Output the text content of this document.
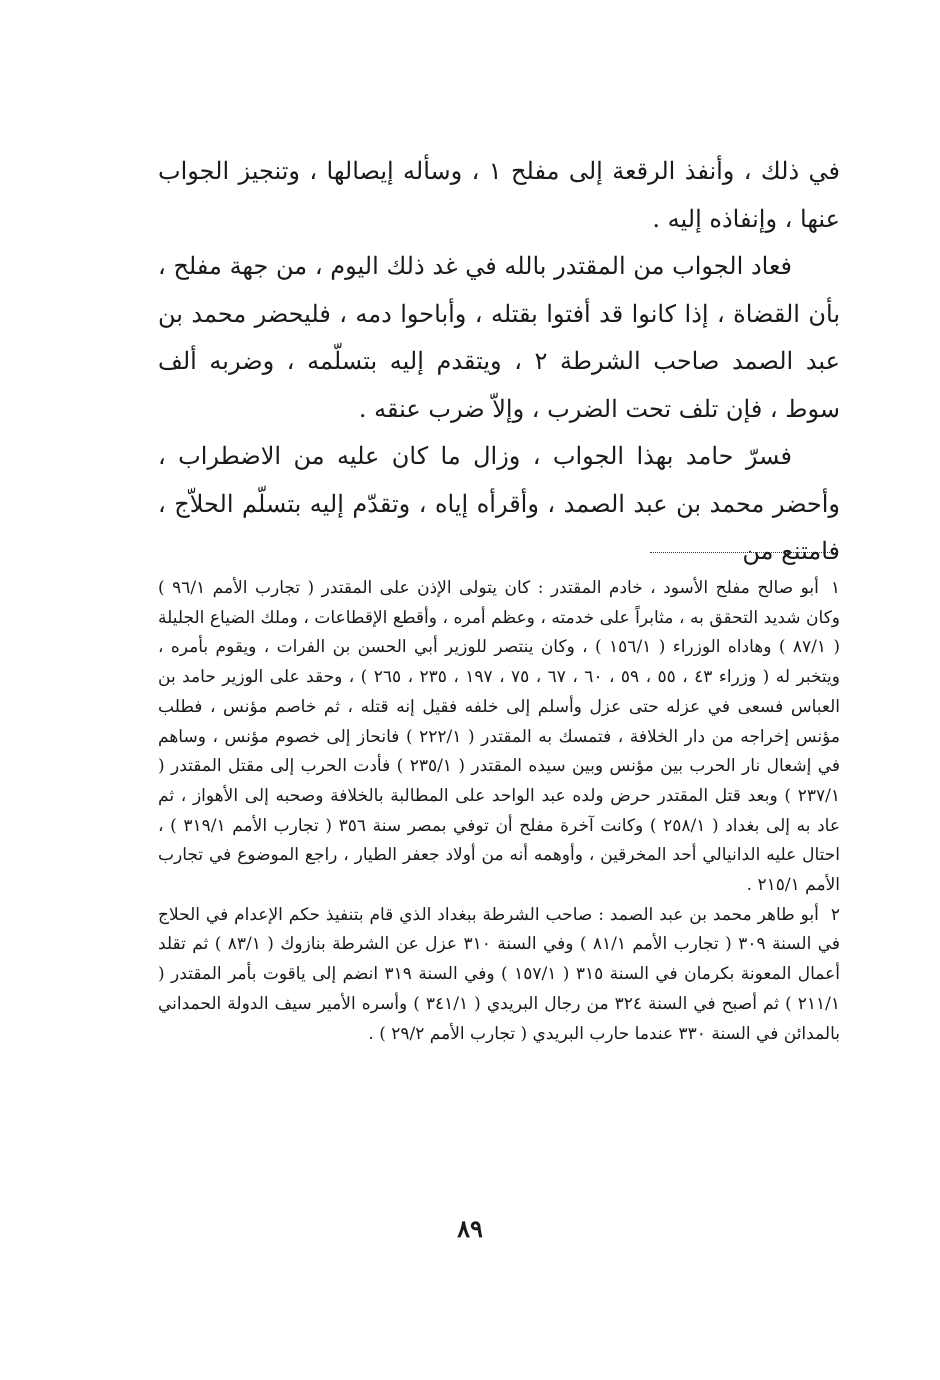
في ذلك ، وأنفذ الرقعة إلى مفلح ١ ، وسأله إيصالها ، وتنجيز الجواب عنها ، وإنفاذه إليه .

فعاد الجواب من المقتدر بالله في غد ذلك اليوم ، من جهة مفلح ، بأن القضاة ، إذا كانوا قد أفتوا بقتله ، وأباحوا دمه ، فليحضر محمد بن عبد الصمد صاحب الشرطة ٢ ، ويتقدم إليه بتسلّمه ، وضربه ألف سوط ، فإن تلف تحت الضرب ، وإلاّ ضرب عنقه .

فسرّ حامد بهذا الجواب ، وزال ما كان عليه من الاضطراب ، وأحضر محمد بن عبد الصمد ، وأقرأه إياه ، وتقدّم إليه بتسلّم الحلاّج ، فامتنع من

١أبو صالح مفلح الأسود ، خادم المقتدر : كان يتولى الإذن على المقتدر ( تجارب الأمم ٩٦/١ ) وكان شديد التحقق به ، مثابراً على خدمته ، وعظم أمره ، وأقطع الإقطاعات ، وملك الضياع الجليلة ( ٨٧/١ ) وهاداه الوزراء ( ١٥٦/١ ) ، وكان ينتصر للوزير أبي الحسن بن الفرات ، ويقوم بأمره ، ويتخبر له ( وزراء ٤٣ ، ٥٥ ، ٥٩ ، ٦٠ ، ٦٧ ، ٧٥ ، ١٩٧ ، ٢٣٥ ، ٢٦٥ ) ، وحقد على الوزير حامد بن العباس فسعى في عزله حتى عزل وأسلم إلى خلفه فقيل إنه قتله ، ثم خاصم مؤنس ، فطلب مؤنس إخراجه من دار الخلافة ، فتمسك به المقتدر ( ٢٢٢/١ ) فانحاز إلى خصوم مؤنس ، وساهم في إشعال نار الحرب بين مؤنس وبين سيده المقتدر ( ٢٣٥/١ ) فأدت الحرب إلى مقتل المقتدر ( ٢٣٧/١ ) وبعد قتل المقتدر حرض ولده عبد الواحد على المطالبة بالخلافة وصحبه إلى الأهواز ، ثم عاد به إلى بغداد ( ٢٥٨/١ ) وكانت آخرة مفلح أن توفي بمصر سنة ٣٥٦ ( تجارب الأمم ٣١٩/١ ) ، احتال عليه الدانيالي أحد المخرقين ، وأوهمه أنه من أولاد جعفر الطيار ، راجع الموضوع في تجارب الأمم ٢١٥/١ .

٢أبو طاهر محمد بن عبد الصمد : صاحب الشرطة ببغداد الذي قام بتنفيذ حكم الإعدام في الحلاج في السنة ٣٠٩ ( تجارب الأمم ٨١/١ ) وفي السنة ٣١٠ عزل عن الشرطة بنازوك ( ٨٣/١ ) ثم تقلد أعمال المعونة بكرمان في السنة ٣١٥ ( ١٥٧/١ ) وفي السنة ٣١٩ انضم إلى ياقوت بأمر المقتدر ( ٢١١/١ ) ثم أصبح في السنة ٣٢٤ من رجال البريدي ( ٣٤١/١ ) وأسره الأمير سيف الدولة الحمداني بالمدائن في السنة ٣٣٠ عندما حارب البريدي ( تجارب الأمم ٢٩/٢ ) .

٨٩
